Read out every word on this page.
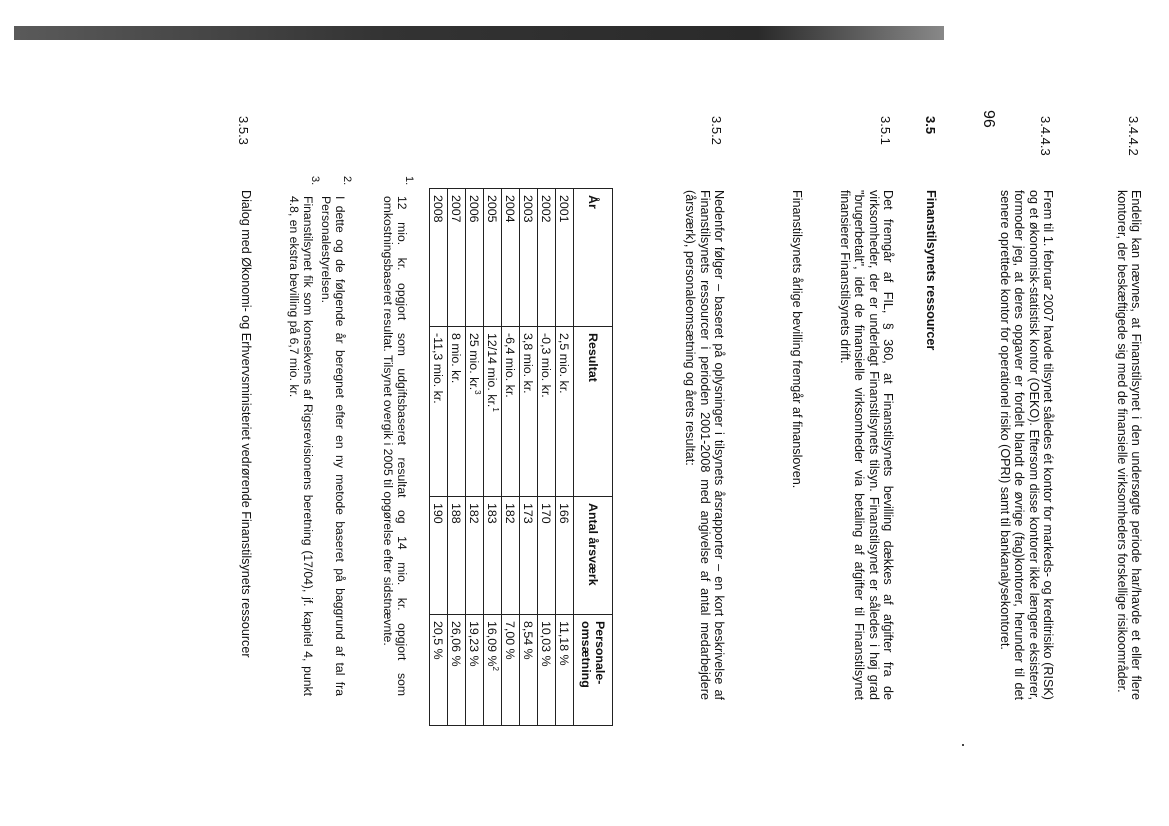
96	3.4.4.2

Endelig kan nævnes, at Finanstilsynet i den undersøgte periode har/havde et eller flere kontorer, der beskæftigede sig med de finansielle virksomheders forskellige risikoområder.

3.4.4.3

Frem til 1. februar 2007 havde tilsynet således ét kontor for markeds- og kreditrisiko (RISK) og et økonomisk-statistisk kontor (OEKO). Eftersom disse kontorer ikke længere eksisterer, formoder jeg, at deres opgaver er fordelt blandt de øvrige (fag)kontorer, herunder til det senere oprettede kontor for operationel risiko (OPRI) samt til bankanalysekontoret.

3.5
Finanstilsynets ressourcer
3.5.1

Det fremgår af FIL, § 360, at Finanstilsynets bevilling dækkes af afgifter fra de virksomheder, der er underlagt Finanstilsynets tilsyn. Finanstilsynet er således i høj grad "brugerbetalt", idet de finansielle virksomheder via betaling af afgifter til Finanstilsynet finansierer Finanstilsynets drift.

Finanstilsynets årlige bevilling fremgår af finansloven.

3.5.2

Nedenfor følger – baseret på oplysninger i tilsynets årsrapporter – en kort beskrivelse af Finanstilsynets ressourcer i perioden 2001-2008 med angivelse af antal medarbejdere (årsværk), personaleomsætning og årets resultat:

År	Resultat	Antal årsværk	Personale-
omsætning
2001	2,5 mio. kr.	166	11,18 %
2002	-0,3 mio. kr.	170	10,03 %
2003	3,8 mio. kr.	173	8,54 %
2004	-6,4 mio. kr.	182	7,00 %
2005	12/14 mio. kr.$^1$	183	16,09 %$^2$
2006	25 mio. kr.$^3$	182	19,23 %
2007	8 mio. kr.	188	26,06 %
2008	-11,3 mio. kr.	190	20,5 %
1.

12 mio. kr. opgjort som udgiftsbaseret resultat og 14 mio. kr. opgjort som omkostningsbaseret resultat. Tilsynet overgik i 2005 til opgørelse efter sidstnævnte.

2.

I dette og de følgende år beregnet efter en ny metode baseret på baggrund af tal fra Personalestyrelsen.

3.

Finanstilsynet fik som konsekvens af Rigsrevisionens beretning (17/04), jf. kapitel 4, punkt 4.8, en ekstra bevilling på 6,7 mio. kr.

3.5.3

Dialog med Økonomi- og Erhvervsministeriet vedrørende Finanstilsynets ressourcer
